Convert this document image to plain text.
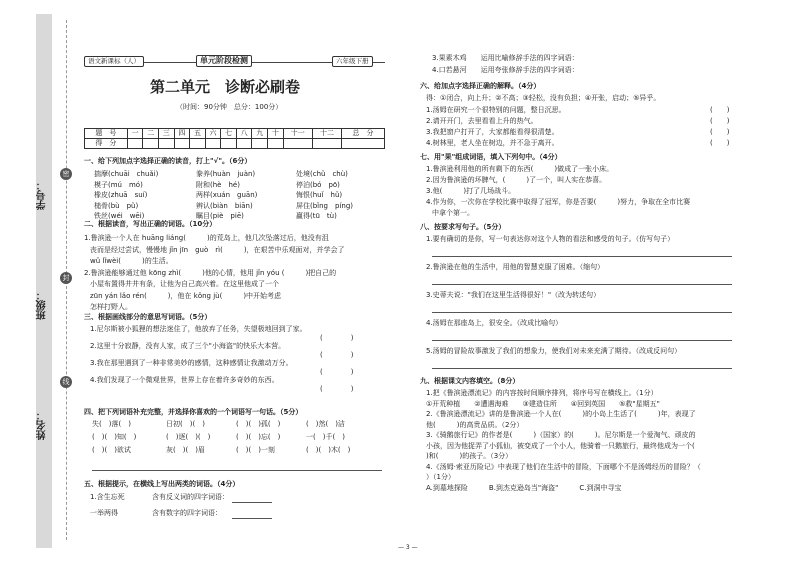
姓名：
班级：
学号：
密
封
线
语文新课标（人）	单元阶段检测	六年级下册
第二单元　诊断必刷卷
（时间：90分钟　总分：100分）
题　号	一	二	三	四	五	六	七	八	九	十	十一	十二	总　分
得　分													
一、给下列加点字选择正确的读音，打上"√"。（6分）
揣摩(chuāi　chuǎi)	豢养(huàn　juàn)	处境(chǔ　chù)
模子(mú　mó)	附和(hè　hé)	停泊(bó　pō)
橡皮(zhuā　suí)	两样(xuán　guān)	悔恨(huǐ　hǔ)
槌骨(bù　pǔ)	辨认(biàn　biān)	屏住(bǐng　píng)
铁丝(wéi　wēi)	瞩目(piè　piē)	赢得(tū　tù)
二、根据读音，写出正确的词语。（10分）
1.鲁滨逊一个人在 huāng liáng(　　　)的荒岛上，他几次坠落过后，他没有沮
丧而是经过尝试，慢慢地 jǐn jīn　guò　rì(　　　)，在艰苦中乐观面对，并学会了
wǔ lǐwèi(　　　)的生活。
2.鲁滨逊能够通过他 kōng zhì(　　　)他的心情，他用 jǐn yóu (　　　)把自己的
小屋布置得井井有条，让他为自己高兴着。在这里他成了一个
zūn yán lǎo rén(　　　)，他在 kǒng jù(　　　)中开始考虑
怎样打野人。
三、根据画线部分的意思写词语。（5分）
1.尼尔斯被小狐狸的想法迷住了，他放弃了任务，失望极地回到了家。
(　　　　)
2.这里十分寂静，没有人家，成了三个"小海盗"的快乐大本营。
(　　　　)
3.我在那里遇到了一种非常美妙的感情，这种感情让我激动万分。
(　　　　)
4.我们发现了一个微观世界，世界上存在着许多奇妙的东西。
(　　　　)
四、把下列词语补充完整，并选择你喜欢的一个词语写一句话。（5分）
失(　)落(　)	日初(　)(　)	(　)(　)孤(　)	(　)然(　)洁
(　)(　)知(　)	(　)逐(　)(　)	(　)(　)忘(　)	一(　)千(　)
(　)(　)欲试	灰(　)(　)眉	(　)(　)一刻	(　)(　)木(　)
五、根据提示，在横线上写出两类的词语。（4分）
1.含生忘死	含有反义词的四字词语：
一举两得	含有数字的四字词语：
3.果素木鸡　　运用比喻修辞手法的四字词语：
4.口若悬河　　运用夸张修辞手法的四字词语：
六、给加点字选择正确的解释。（4分）
得：①闭合，向上升；②不高；③轻松，没有负担；④开张，启动；⑤异乎。
1.汤姆在研究一个很特别的问题，整日沉思。	(　　)
2.请开开门，去里看看上升的热气。	(　　)
3.我把窗户打开了，大家都能看得很清楚。	(　　)
4.树林里，老人坐在树边，并不急于离开。	(　　)
七、用"果"组成词语，填入下列句中。（4分）
1.鲁滨逊利用他的所有剩下的东西(　　　)做成了一张小床。
2.因为鲁滨逊的坏脾气，(　　　)了一个，叫人实在恭喜。
3.他(　　　)打了几场战斗。
4.作为你，一次你在学校比赛中取得了冠军，你是否要(　　　)努力，争取在全市比赛
中拿个第一。
八、按要求写句子。（5分）
1.要有确切的是你，写一句表达你对这个人物的看法和感受的句子。（仿写句子）
2.鲁滨逊在他的生活中，用他的智慧克服了困难。（缩句）
3.史蒂夫说："我们在这里生活得很好！"（改为转述句）
4.汤姆在那座岛上，很安全。（改成比喻句）
5.汤姆的冒险故事激发了我们的想象力，使我们对未来充满了期待。（改成反问句）
九、根据课文内容填空。（8分）
1.把《鲁滨逊漂流记》的内容按时间顺序排列，将序号写在横线上。（1分）
①开荒种植　　②遭遇海难　　③建造住所　　④回到英国　　⑤救"星期五"
2.《鲁滨逊漂流记》讲的是鲁滨逊一个人在(　　　)的小岛上生活了(　　　)年，表现了
他(　　　)的高贵品质。（2分）
3.《骑鹅旅行记》的作者是(　　　)（国家）的(　　　)。尼尔斯是一个爱淘气、顽皮的
小孩，因为他捉弄了小狐仙，被变成了一个小人，他骑着一只鹅旅行，最终他成为一个(　　　
)和(　　　)的孩子。（3分）
4.《汤姆·索亚历险记》中表现了他们在生活中的冒险，下面哪个不是汤姆经历的冒险？（　
）（1分）
A.到墓地探险　　　B.到杰克逊岛当"海盗"　　　C.到洞中寻宝
— 3 —
